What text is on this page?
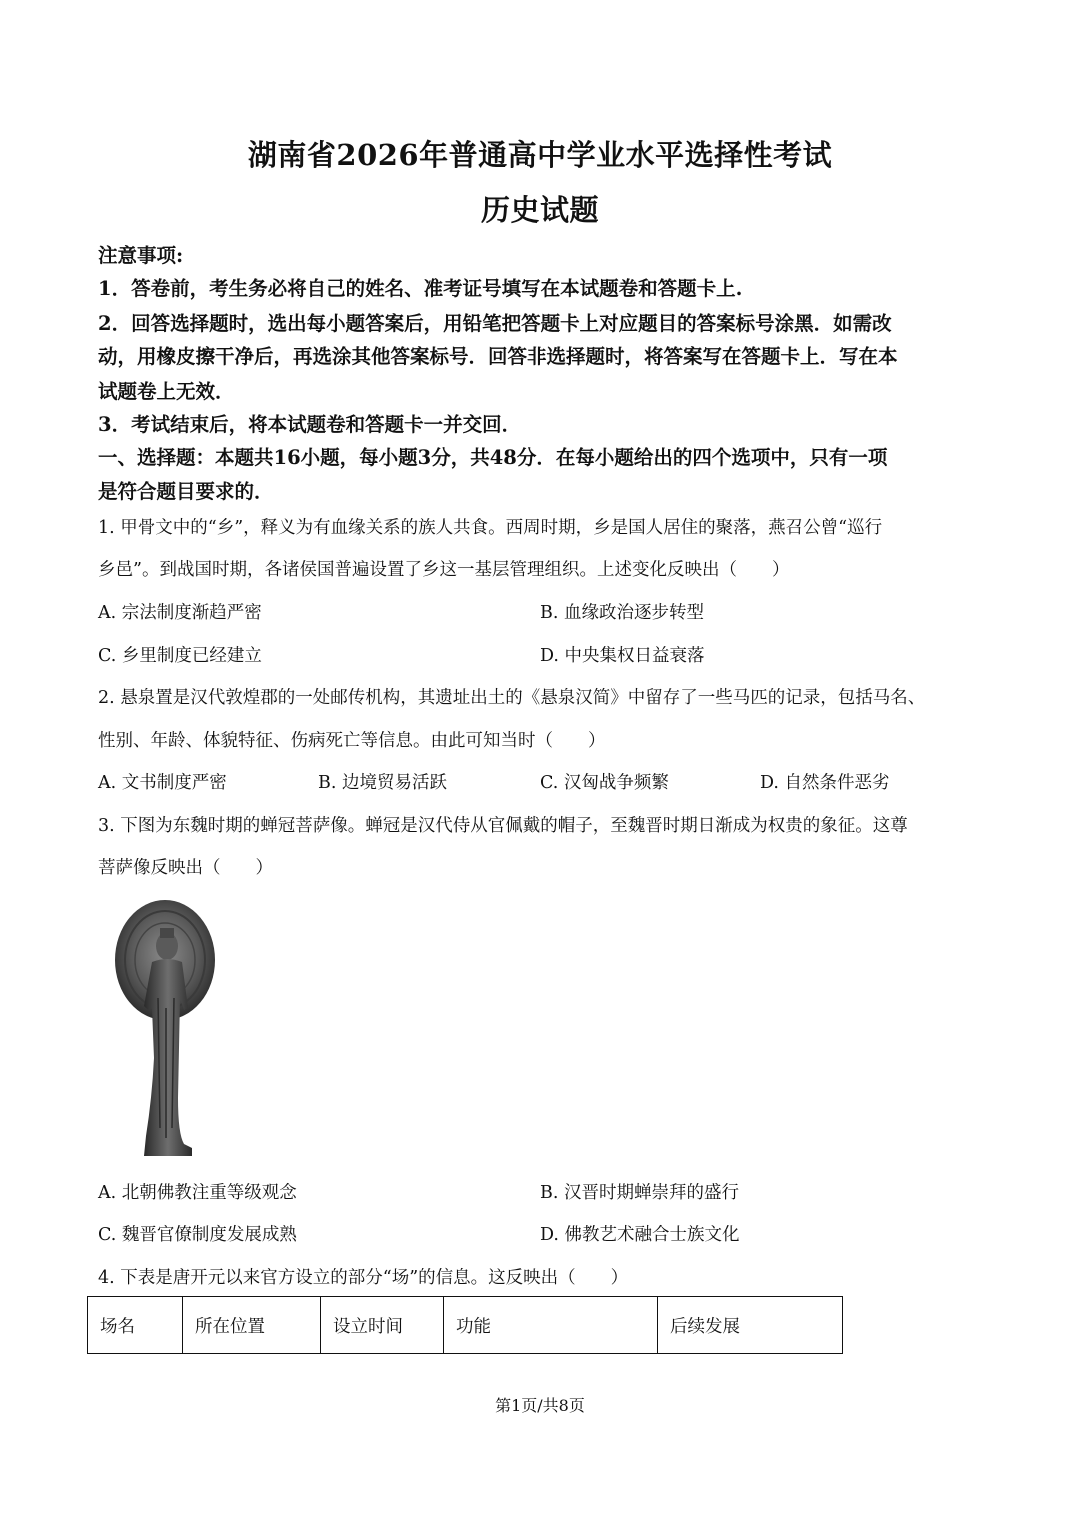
湖南省2026年普通高中学业水平选择性考试
历史试题
注意事项:
1．答卷前，考生务必将自己的姓名、准考证号填写在本试题卷和答题卡上.
2．回答选择题时，选出每小题答案后，用铅笔把答题卡上对应题目的答案标号涂黑．如需改
动，用橡皮擦干净后，再选涂其他答案标号．回答非选择题时，将答案写在答题卡上．写在本
试题卷上无效．
3．考试结束后，将本试题卷和答题卡一并交回．
一、选择题：本题共16小题，每小题3分，共48分．在每小题给出的四个选项中，只有一项
是符合题目要求的．
1. 甲骨文中的“乡”，释义为有血缘关系的族人共食。西周时期，乡是国人居住的聚落，燕召公曾“巡行
乡邑”。到战国时期，各诸侯国普遍设置了乡这一基层管理组织。上述变化反映出（　　）
A. 宗法制度渐趋严密	B. 血缘政治逐步转型
C. 乡里制度已经建立	D. 中央集权日益衰落
2. 悬泉置是汉代敦煌郡的一处邮传机构，其遗址出土的《悬泉汉简》中留存了一些马匹的记录，包括马名、
性别、年龄、体貌特征、伤病死亡等信息。由此可知当时（　　）
A. 文书制度严密	B. 边境贸易活跃	C. 汉匈战争频繁	D. 自然条件恶劣
3. 下图为东魏时期的蝉冠菩萨像。蝉冠是汉代侍从官佩戴的帽子，至魏晋时期日渐成为权贵的象征。这尊
菩萨像反映出（　　）
A. 北朝佛教注重等级观念	B. 汉晋时期蝉崇拜的盛行
C. 魏晋官僚制度发展成熟	D. 佛教艺术融合士族文化
4. 下表是唐开元以来官方设立的部分“场”的信息。这反映出（　　）
场名	所在位置	设立时间	功能	后续发展
第1页/共8页
